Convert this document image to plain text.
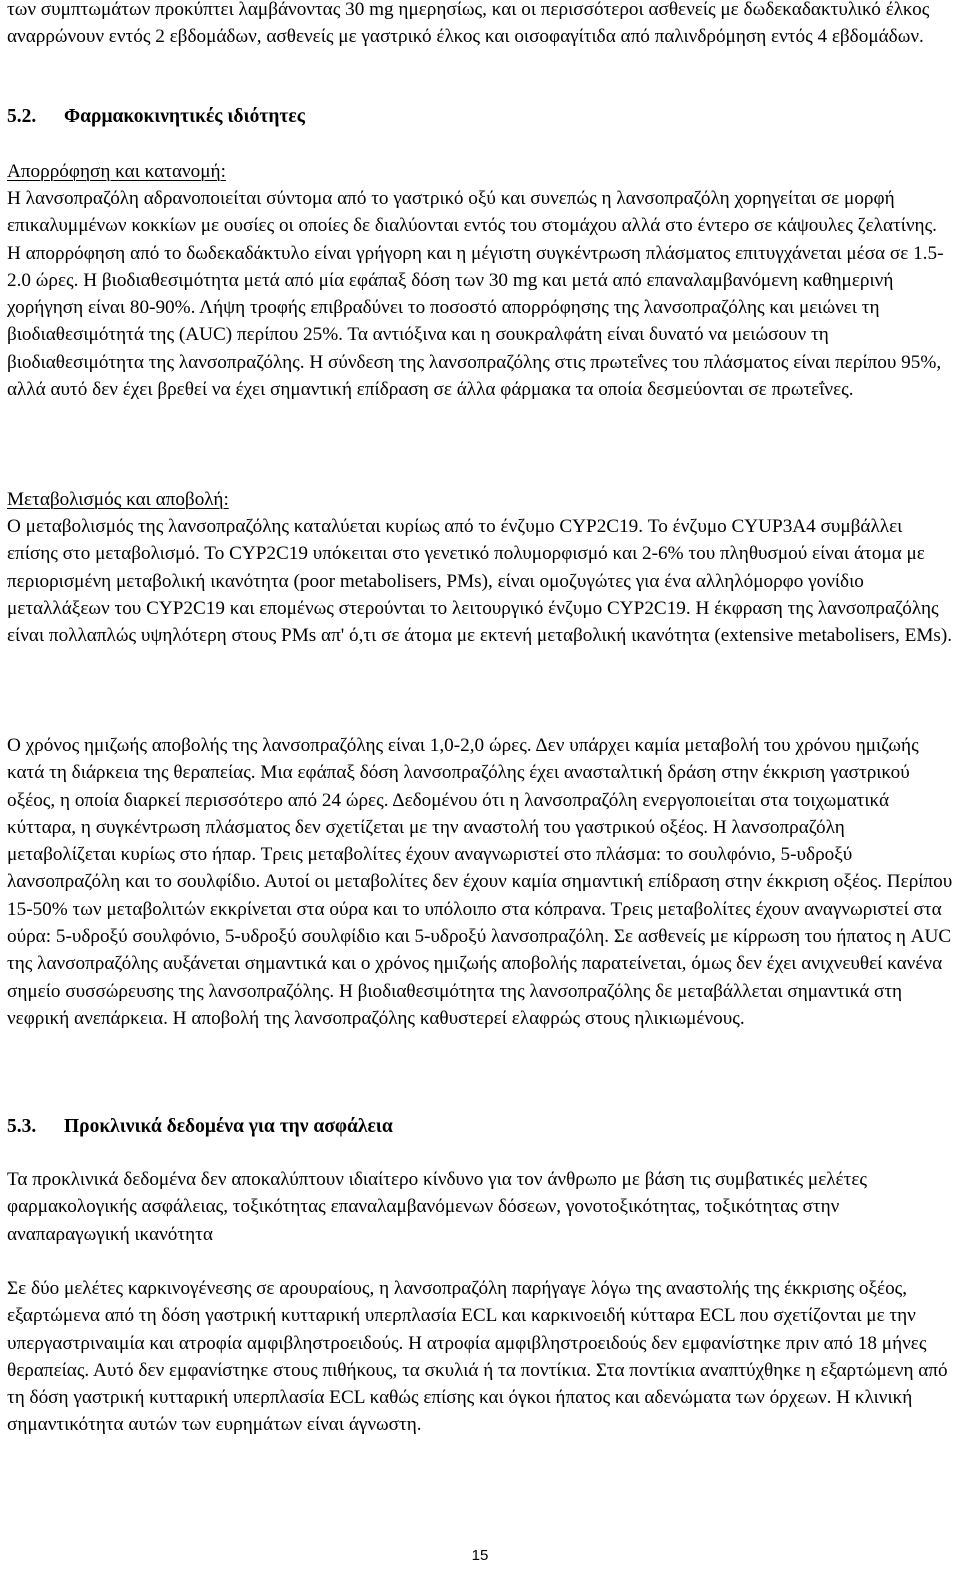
των συμπτωμάτων προκύπτει λαμβάνοντας 30 mg ημερησίως, και οι περισσότεροι ασθενείς με δωδεκαδακτυλικό έλκος αναρρώνουν εντός 2 εβδομάδων, ασθενείς με γαστρικό έλκος και οισοφαγίτιδα από παλινδρόμηση εντός 4 εβδομάδων.

5.2.	Φαρμακοκινητικές ιδιότητες

Απορρόφηση και κατανομή:

Η λανσοπραζόλη αδρανοποιείται σύντομα από το γαστρικό οξύ και συνεπώς η λανσοπραζόλη χορηγείται σε μορφή επικαλυμμένων κοκκίων με ουσίες οι οποίες δε διαλύονται εντός του στομάχου αλλά στο έντερο σε κάψουλες ζελατίνης. Η απορρόφηση από το δωδεκαδάκτυλο είναι γρήγορη και η μέγιστη συγκέντρωση πλάσματος επιτυγχάνεται μέσα σε 1.5-2.0 ώρες. Η βιοδιαθεσιμότητα μετά από μία εφάπαξ δόση των 30 mg και μετά από επαναλαμβανόμενη καθημερινή χορήγηση είναι 80-90%. Λήψη τροφής επιβραδύνει το ποσοστό απορρόφησης της λανσοπραζόλης και μειώνει τη βιοδιαθεσιμότητά της (AUC) περίπου 25%. Τα αντιόξινα και η σουκραλφάτη είναι δυνατό να μειώσουν τη βιοδιαθεσιμότητα της λανσοπραζόλης. Η σύνδεση της λανσοπραζόλης στις πρωτεΐνες του πλάσματος είναι περίπου 95%, αλλά αυτό δεν έχει βρεθεί να έχει σημαντική επίδραση σε άλλα φάρμακα τα οποία δεσμεύονται σε πρωτεΐνες.

Μεταβολισμός και αποβολή:

Ο μεταβολισμός της λανσοπραζόλης καταλύεται κυρίως από το ένζυμο CYP2C19. Το ένζυμο CYUP3A4 συμβάλλει επίσης στο μεταβολισμό. Το CYP2C19 υπόκειται στο γενετικό πολυμορφισμό και 2-6% του πληθυσμού είναι άτομα με περιορισμένη μεταβολική ικανότητα (poor metabolisers, PMs), είναι ομοζυγώτες για ένα αλληλόμορφο γονίδιο μεταλλάξεων του CYP2C19 και επομένως στερούνται το λειτουργικό ένζυμο CYP2C19. Η έκφραση της λανσοπραζόλης είναι πολλαπλώς υψηλότερη στους PMs απ' ό,τι σε άτομα με εκτενή μεταβολική ικανότητα (extensive metabolisers, EMs).

Ο χρόνος ημιζωής αποβολής της λανσοπραζόλης είναι 1,0-2,0 ώρες. Δεν υπάρχει καμία μεταβολή του χρόνου ημιζωής κατά τη διάρκεια της θεραπείας. Μια εφάπαξ δόση λανσοπραζόλης έχει ανασταλτική δράση στην έκκριση γαστρικού οξέος, η οποία διαρκεί περισσότερο από 24 ώρες. Δεδομένου ότι η λανσοπραζόλη ενεργοποιείται στα τοιχωματικά κύτταρα, η συγκέντρωση πλάσματος δεν σχετίζεται με την αναστολή του γαστρικού οξέος. Η λανσοπραζόλη μεταβολίζεται κυρίως στο ήπαρ. Τρεις μεταβολίτες έχουν αναγνωριστεί στο πλάσμα: το σουλφόνιο, 5-υδροξύ λανσοπραζόλη και το σουλφίδιο. Αυτοί οι μεταβολίτες δεν έχουν καμία σημαντική επίδραση στην έκκριση οξέος. Περίπου 15-50% των μεταβολιτών εκκρίνεται στα ούρα και το υπόλοιπο στα κόπρανα. Τρεις μεταβολίτες έχουν αναγνωριστεί στα ούρα: 5-υδροξύ σουλφόνιο, 5-υδροξύ σουλφίδιο και 5-υδροξύ λανσοπραζόλη. Σε ασθενείς με κίρρωση του ήπατος η AUC της λανσοπραζόλης αυξάνεται σημαντικά και ο χρόνος ημιζωής αποβολής παρατείνεται, όμως δεν έχει ανιχνευθεί κανένα σημείο συσσώρευσης της λανσοπραζόλης. Η βιοδιαθεσιμότητα της λανσοπραζόλης δε μεταβάλλεται σημαντικά στη νεφρική ανεπάρκεια. Η αποβολή της λανσοπραζόλης καθυστερεί ελαφρώς στους ηλικιωμένους.

5.3.	Προκλινικά δεδομένα για την ασφάλεια

Τα προκλινικά δεδομένα δεν αποκαλύπτουν ιδιαίτερο κίνδυνο για τον άνθρωπο με βάση τις συμβατικές μελέτες φαρμακολογικής ασφάλειας, τοξικότητας επαναλαμβανόμενων δόσεων, γονοτοξικότητας, τοξικότητας στην αναπαραγωγική ικανότητα

Σε δύο μελέτες καρκινογένεσης σε αρουραίους, η λανσοπραζόλη παρήγαγε λόγω της αναστολής της έκκρισης οξέος, εξαρτώμενα από τη δόση γαστρική κυτταρική υπερπλασία ECL και καρκινοειδή κύτταρα ECL που σχετίζονται με την υπεργαστριναιμία και ατροφία αμφιβληστροειδούς. Η ατροφία αμφιβληστροειδούς δεν εμφανίστηκε πριν από 18 μήνες θεραπείας. Αυτό δεν εμφανίστηκε στους πιθήκους, τα σκυλιά ή τα ποντίκια. Στα ποντίκια αναπτύχθηκε η εξαρτώμενη από τη δόση γαστρική κυτταρική υπερπλασία ECL καθώς επίσης και όγκοι ήπατος και αδενώματα των όρχεων. Η κλινική σημαντικότητα αυτών των ευρημάτων είναι άγνωστη.

15
